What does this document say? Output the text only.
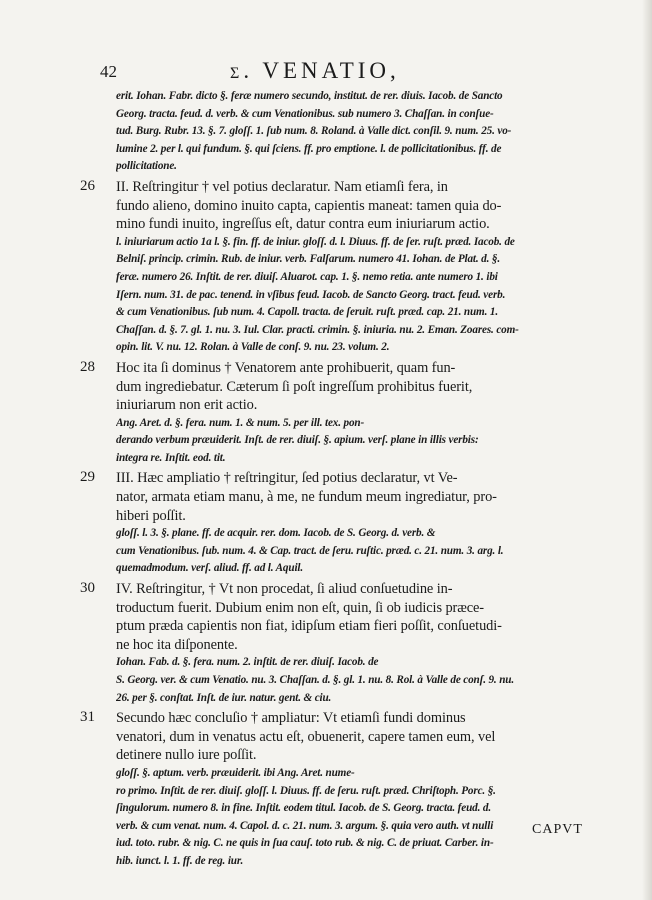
42	ʃ. VENATIO,
erit. Iohan. Fabr. dicto §. feræ numero secundo, institut. de rer. diuis. Iacob. de Sancto
Georg. tracta. feud. d. verb. & cum Venationibus. sub numero 3. Chaſſan. in conſue-
tud. Burg. Rubr. 13. §. 7. gloſſ. 1. ſub num. 8. Roland. à Valle dict. conſil. 9. num. 25. vo-
lumine 2. per l. qui fundum. §. qui ſciens. ff. pro emptione. l. de pollicitationibus. ff. de
pollicitatione.
26 II. Reſtringitur † vel potius declaratur. Nam etiamſi fera, in
fundo alieno, domino inuito capta, capientis maneat: tamen quia do-
mino fundi inuito, ingreſſus eſt, datur contra eum iniuriarum actio.
l. iniuriarum actio 1a l. §. fin. ff. de iniur. gloſſ. d. l. Diuus. ff. de ſer. ruſt. præd. Iacob. de
Belniſ. princip. crimin. Rub. de iniur. verb. Falſarum. numero 41. Iohan. de Plat. d. §.
feræ. numero 26. Inſtit. de rer. diuiſ. Aluarot. cap. 1. §. nemo retia. ante numero 1. ibi
Iſern. num. 31. de pac. tenend. in vſibus feud. Iacob. de Sancto Georg. tract. feud. verb.
& cum Venationibus. ſub num. 4. Capoll. tracta. de ſeruit. ruſt. præd. cap. 21. num. 1.
Chaſſan. d. §. 7. gl. 1. nu. 3. Iul. Clar. practi. crimin. §. iniuria. nu. 2. Eman. Zoares. com-
opin. lit. V. nu. 12. Rolan. à Valle de conſ. 9. nu. 23. volum. 2.
28 Hoc ita ſi dominus † Venatorem ante prohibuerit, quam fun-
dum ingrediebatur. Cæterum ſi poſt ingreſſum prohibitus fuerit,
iniuriarum non erit actio.
Ang. Aret. d. §. fera. num. 1. & num. 5. per ill. tex. pon-
derando verbum præuiderit. Inſt. de rer. diuiſ. §. apium. verſ. plane in illis verbis:
integra re. Inſtit. eod. tit.
29 III. Hæc ampliatio † reſtringitur, ſed potius declaratur, vt Ve-
nator, armata etiam manu, à me, ne fundum meum ingrediatur, pro-
hiberi poſſit.
gloſſ. l. 3. §. plane. ff. de acquir. rer. dom. Iacob. de S. Georg. d. verb. &
cum Venationibus. ſub. num. 4. & Cap. tract. de ſeru. ruſtic. præd. c. 21. num. 3. arg. l.
quemadmodum. verſ. aliud. ff. ad l. Aquil.
30 IV. Reſtringitur, † Vt non procedat, ſi aliud conſuetudine in-
troductum fuerit. Dubium enim non eſt, quin, ſi ob iudicis præce-
ptum præda capientis non fiat, idipſum etiam fieri poſſit, conſuetudi-
ne hoc ita diſponente.
Iohan. Fab. d. §. fera. num. 2. inſtit. de rer. diuiſ. Iacob. de
S. Georg. ver. & cum Venatio. nu. 3. Chaſſan. d. §. gl. 1. nu. 8. Rol. à Valle de conſ. 9. nu.
26. per §. conſtat. Inſt. de iur. natur. gent. & ciu.
31 Secundo hæc concluſio † ampliatur: Vt etiamſi fundi dominus
venatori, dum in venatus actu eſt, obuenerit, capere tamen eum, vel
detinere nullo iure poſſit.
gloſſ. §. aptum. verb. præuiderit. ibi Ang. Aret. nume-
ro primo. Inſtit. de rer. diuiſ. gloſſ. l. Diuus. ff. de ſeru. ruſt. præd. Chriſtoph. Porc. §.
ſingulorum. numero 8. in fine. Inſtit. eodem titul. Iacob. de S. Georg. tracta. feud. d.
verb. & cum venat. num. 4. Capol. d. c. 21. num. 3. argum. §. quia vero auth. vt nulli
iud. toto. rubr. & nig. C. ne quis in ſua cauſ. toto rub. & nig. C. de priuat. Carber. in-
hib. iunct. l. 1. ff. de reg. iur.
CAPVT
